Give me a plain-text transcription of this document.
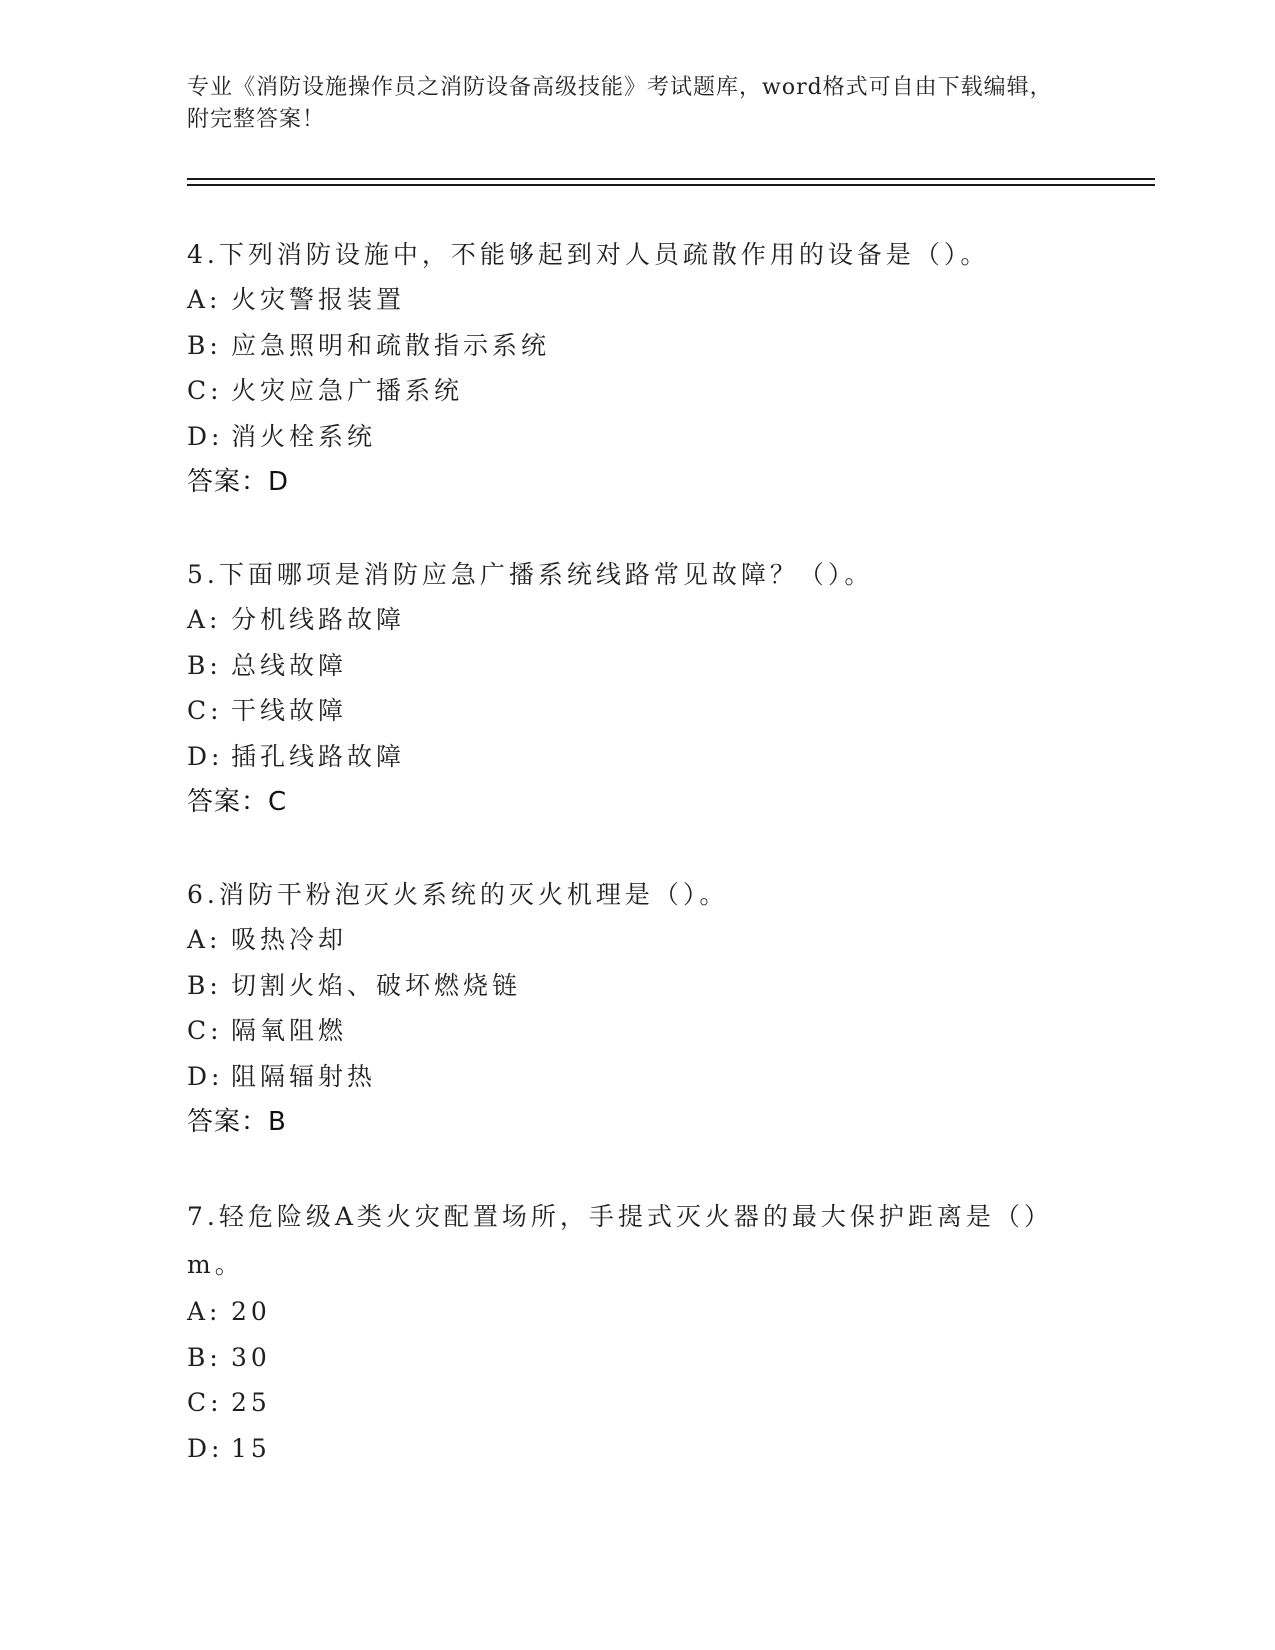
专业《消防设施操作员之消防设备高级技能》考试题库，word格式可自由下载编辑，附完整答案！

4.下列消防设施中，不能够起到对人员疏散作用的设备是（）。

A: 火灾警报装置

B: 应急照明和疏散指示系统

C: 火灾应急广播系统

D: 消火栓系统

答案：D

5.下面哪项是消防应急广播系统线路常见故障？（）。

A: 分机线路故障

B: 总线故障

C: 干线故障

D: 插孔线路故障

答案：C

6.消防干粉泡灭火系统的灭火机理是（）。

A: 吸热冷却

B: 切割火焰、破坏燃烧链

C: 隔氧阻燃

D: 阻隔辐射热

答案：B

7.轻危险级A类火灾配置场所，手提式灭火器的最大保护距离是（）m。

A: 20

B: 30

C: 25

D: 15
